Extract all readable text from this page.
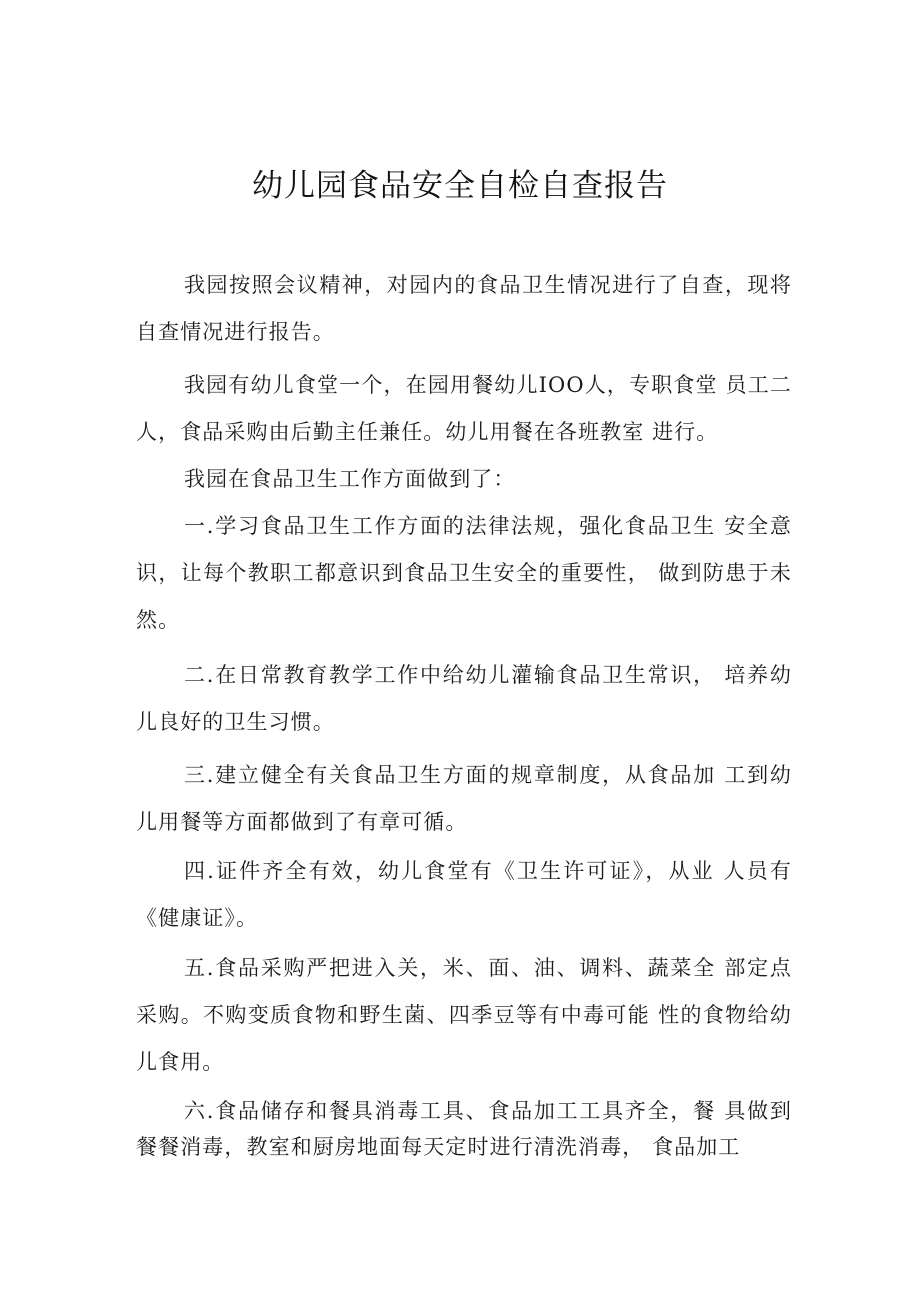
幼儿园食品安全自检自查报告

我园按照会议精神，对园内的食品卫生情况进行了自查，现将自查情况进行报告。

我园有幼儿食堂一个，在园用餐幼儿IOO人，专职食堂 员工二人，食品采购由后勤主任兼任。幼儿用餐在各班教室 进行。

我园在食品卫生工作方面做到了：

一.学习食品卫生工作方面的法律法规，强化食品卫生 安全意识，让每个教职工都意识到食品卫生安全的重要性， 做到防患于未然。

二.在日常教育教学工作中给幼儿灌输食品卫生常识， 培养幼儿良好的卫生习惯。

三.建立健全有关食品卫生方面的规章制度，从食品加 工到幼儿用餐等方面都做到了有章可循。

四.证件齐全有效，幼儿食堂有《卫生许可证》，从业 人员有《健康证》。

五.食品采购严把进入关，米、面、油、调料、蔬菜全 部定点采购。不购变质食物和野生菌、四季豆等有中毒可能 性的食物给幼儿食用。

六.食品储存和餐具消毒工具、食品加工工具齐全，餐 具做到餐餐消毒，教室和厨房地面每天定时进行清洗消毒， 食品加工
